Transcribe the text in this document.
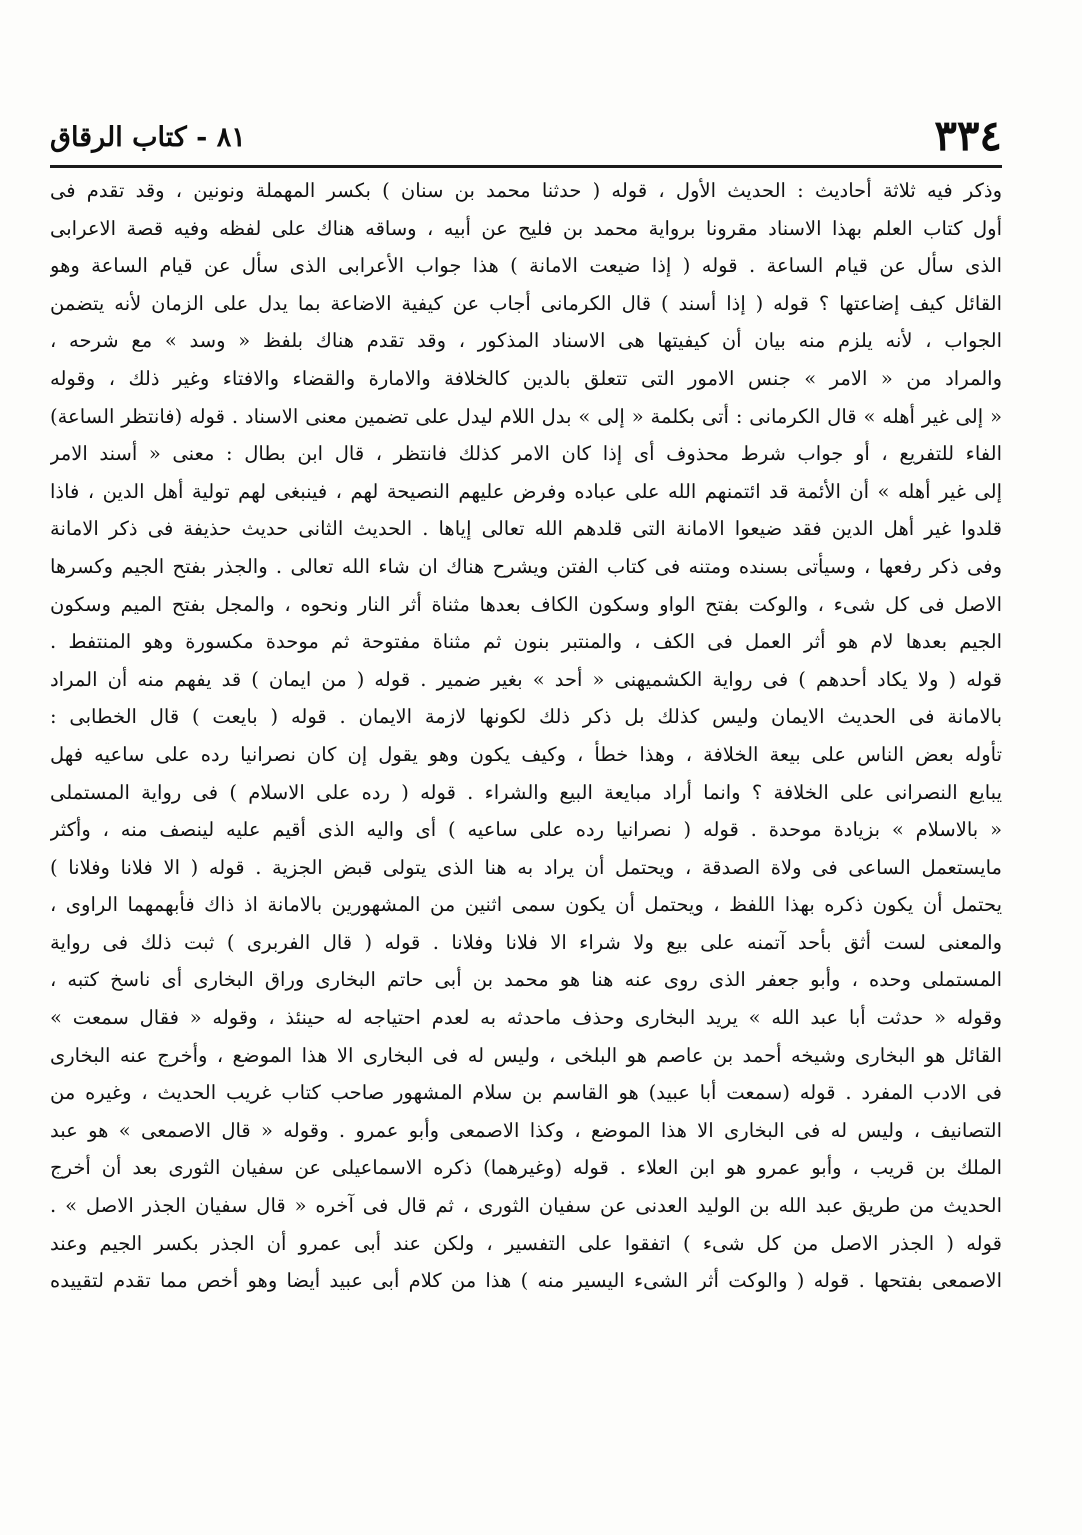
٣٣٤
٨١ - كتاب الرقاق
وذكر فيه ثلاثة أحاديث : الحديث الأول ، قوله ( حدثنا محمد بن سنان ) بكسر المهملة ونونين ، وقد تقدم فى
أول كتاب العلم بهذا الاسناد مقرونا برواية محمد بن فليح عن أبيه ، وساقه هناك على لفظه وفيه قصة الاعرابى
الذى سأل عن قيام الساعة . قوله ( إذا ضيعت الامانة ) هذا جواب الأعرابى الذى سأل عن قيام الساعة وهو
القائل كيف إضاعتها ؟ قوله ( إذا أسند ) قال الكرمانى أجاب عن كيفية الاضاعة بما يدل على الزمان لأنه يتضمن
الجواب ، لأنه يلزم منه بيان أن كيفيتها هى الاسناد المذكور ، وقد تقدم هناك بلفظ « وسد » مع شرحه ،
والمراد من « الامر » جنس الامور التى تتعلق بالدين كالخلافة والامارة والقضاء والافتاء وغير ذلك ، وقوله
« إلى غير أهله » قال الكرمانى : أتى بكلمة « إلى » بدل اللام ليدل على تضمين معنى الاسناد . قوله (فانتظر الساعة)
الفاء للتفريع ، أو جواب شرط محذوف أى إذا كان الامر كذلك فانتظر ، قال ابن بطال : معنى « أسند الامر
إلى غير أهله » أن الأئمة قد ائتمنهم الله على عباده وفرض عليهم النصيحة لهم ، فينبغى لهم تولية أهل الدين ، فاذا
قلدوا غير أهل الدين فقد ضيعوا الامانة التى قلدهم الله تعالى إياها . الحديث الثانى حديث حذيفة فى ذكر الامانة
وفى ذكر رفعها ، وسيأتى بسنده ومتنه فى كتاب الفتن ويشرح هناك ان شاء الله تعالى . والجذر بفتح الجيم وكسرها
الاصل فى كل شىء ، والوكت بفتح الواو وسكون الكاف بعدها مثناة أثر النار ونحوه ، والمجل بفتح الميم وسكون
الجيم بعدها لام هو أثر العمل فى الكف ، والمنتبر بنون ثم مثناة مفتوحة ثم موحدة مكسورة وهو المنتفط .
قوله ( ولا يكاد أحدهم ) فى رواية الكشميهنى « أحد » بغير ضمير . قوله ( من ايمان ) قد يفهم منه أن المراد
بالامانة فى الحديث الايمان وليس كذلك بل ذكر ذلك لكونها لازمة الايمان . قوله ( بايعت ) قال الخطابى :
تأوله بعض الناس على بيعة الخلافة ، وهذا خطأ ، وكيف يكون وهو يقول إن كان نصرانيا رده على ساعيه فهل
يبايع النصرانى على الخلافة ؟ وانما أراد مبايعة البيع والشراء . قوله ( رده على الاسلام ) فى رواية المستملى
« بالاسلام » بزيادة موحدة . قوله ( نصرانيا رده على ساعيه ) أى واليه الذى أقيم عليه لينصف منه ، وأكثر
مايستعمل الساعى فى ولاة الصدقة ، ويحتمل أن يراد به هنا الذى يتولى قبض الجزية . قوله ( الا فلانا وفلانا )
يحتمل أن يكون ذكره بهذا اللفظ ، ويحتمل أن يكون سمى اثنين من المشهورين بالامانة اذ ذاك فأبهمهما الراوى ،
والمعنى لست أثق بأحد آتمنه على بيع ولا شراء الا فلانا وفلانا . قوله ( قال الفربرى ) ثبت ذلك فى رواية
المستملى وحده ، وأبو جعفر الذى روى عنه هنا هو محمد بن أبى حاتم البخارى وراق البخارى أى ناسخ كتبه ،
وقوله « حدثت أبا عبد الله » يريد البخارى وحذف ماحدثه به لعدم احتياجه له حينئذ ، وقوله « فقال سمعت »
القائل هو البخارى وشيخه أحمد بن عاصم هو البلخى ، وليس له فى البخارى الا هذا الموضع ، وأخرج عنه البخارى
فى الادب المفرد . قوله (سمعت أبا عبيد) هو القاسم بن سلام المشهور صاحب كتاب غريب الحديث ، وغيره من
التصانيف ، وليس له فى البخارى الا هذا الموضع ، وكذا الاصمعى وأبو عمرو . وقوله « قال الاصمعى » هو عبد
الملك بن قريب ، وأبو عمرو هو ابن العلاء . قوله (وغيرهما) ذكره الاسماعيلى عن سفيان الثورى بعد أن أخرج
الحديث من طريق عبد الله بن الوليد العدنى عن سفيان الثورى ، ثم قال فى آخره « قال سفيان الجذر الاصل » .
قوله ( الجذر الاصل من كل شىء ) اتفقوا على التفسير ، ولكن عند أبى عمرو أن الجذر بكسر الجيم وعند
الاصمعى بفتحها . قوله ( والوكت أثر الشىء اليسير منه ) هذا من كلام أبى عبيد أيضا وهو أخص مما تقدم لتقييده
